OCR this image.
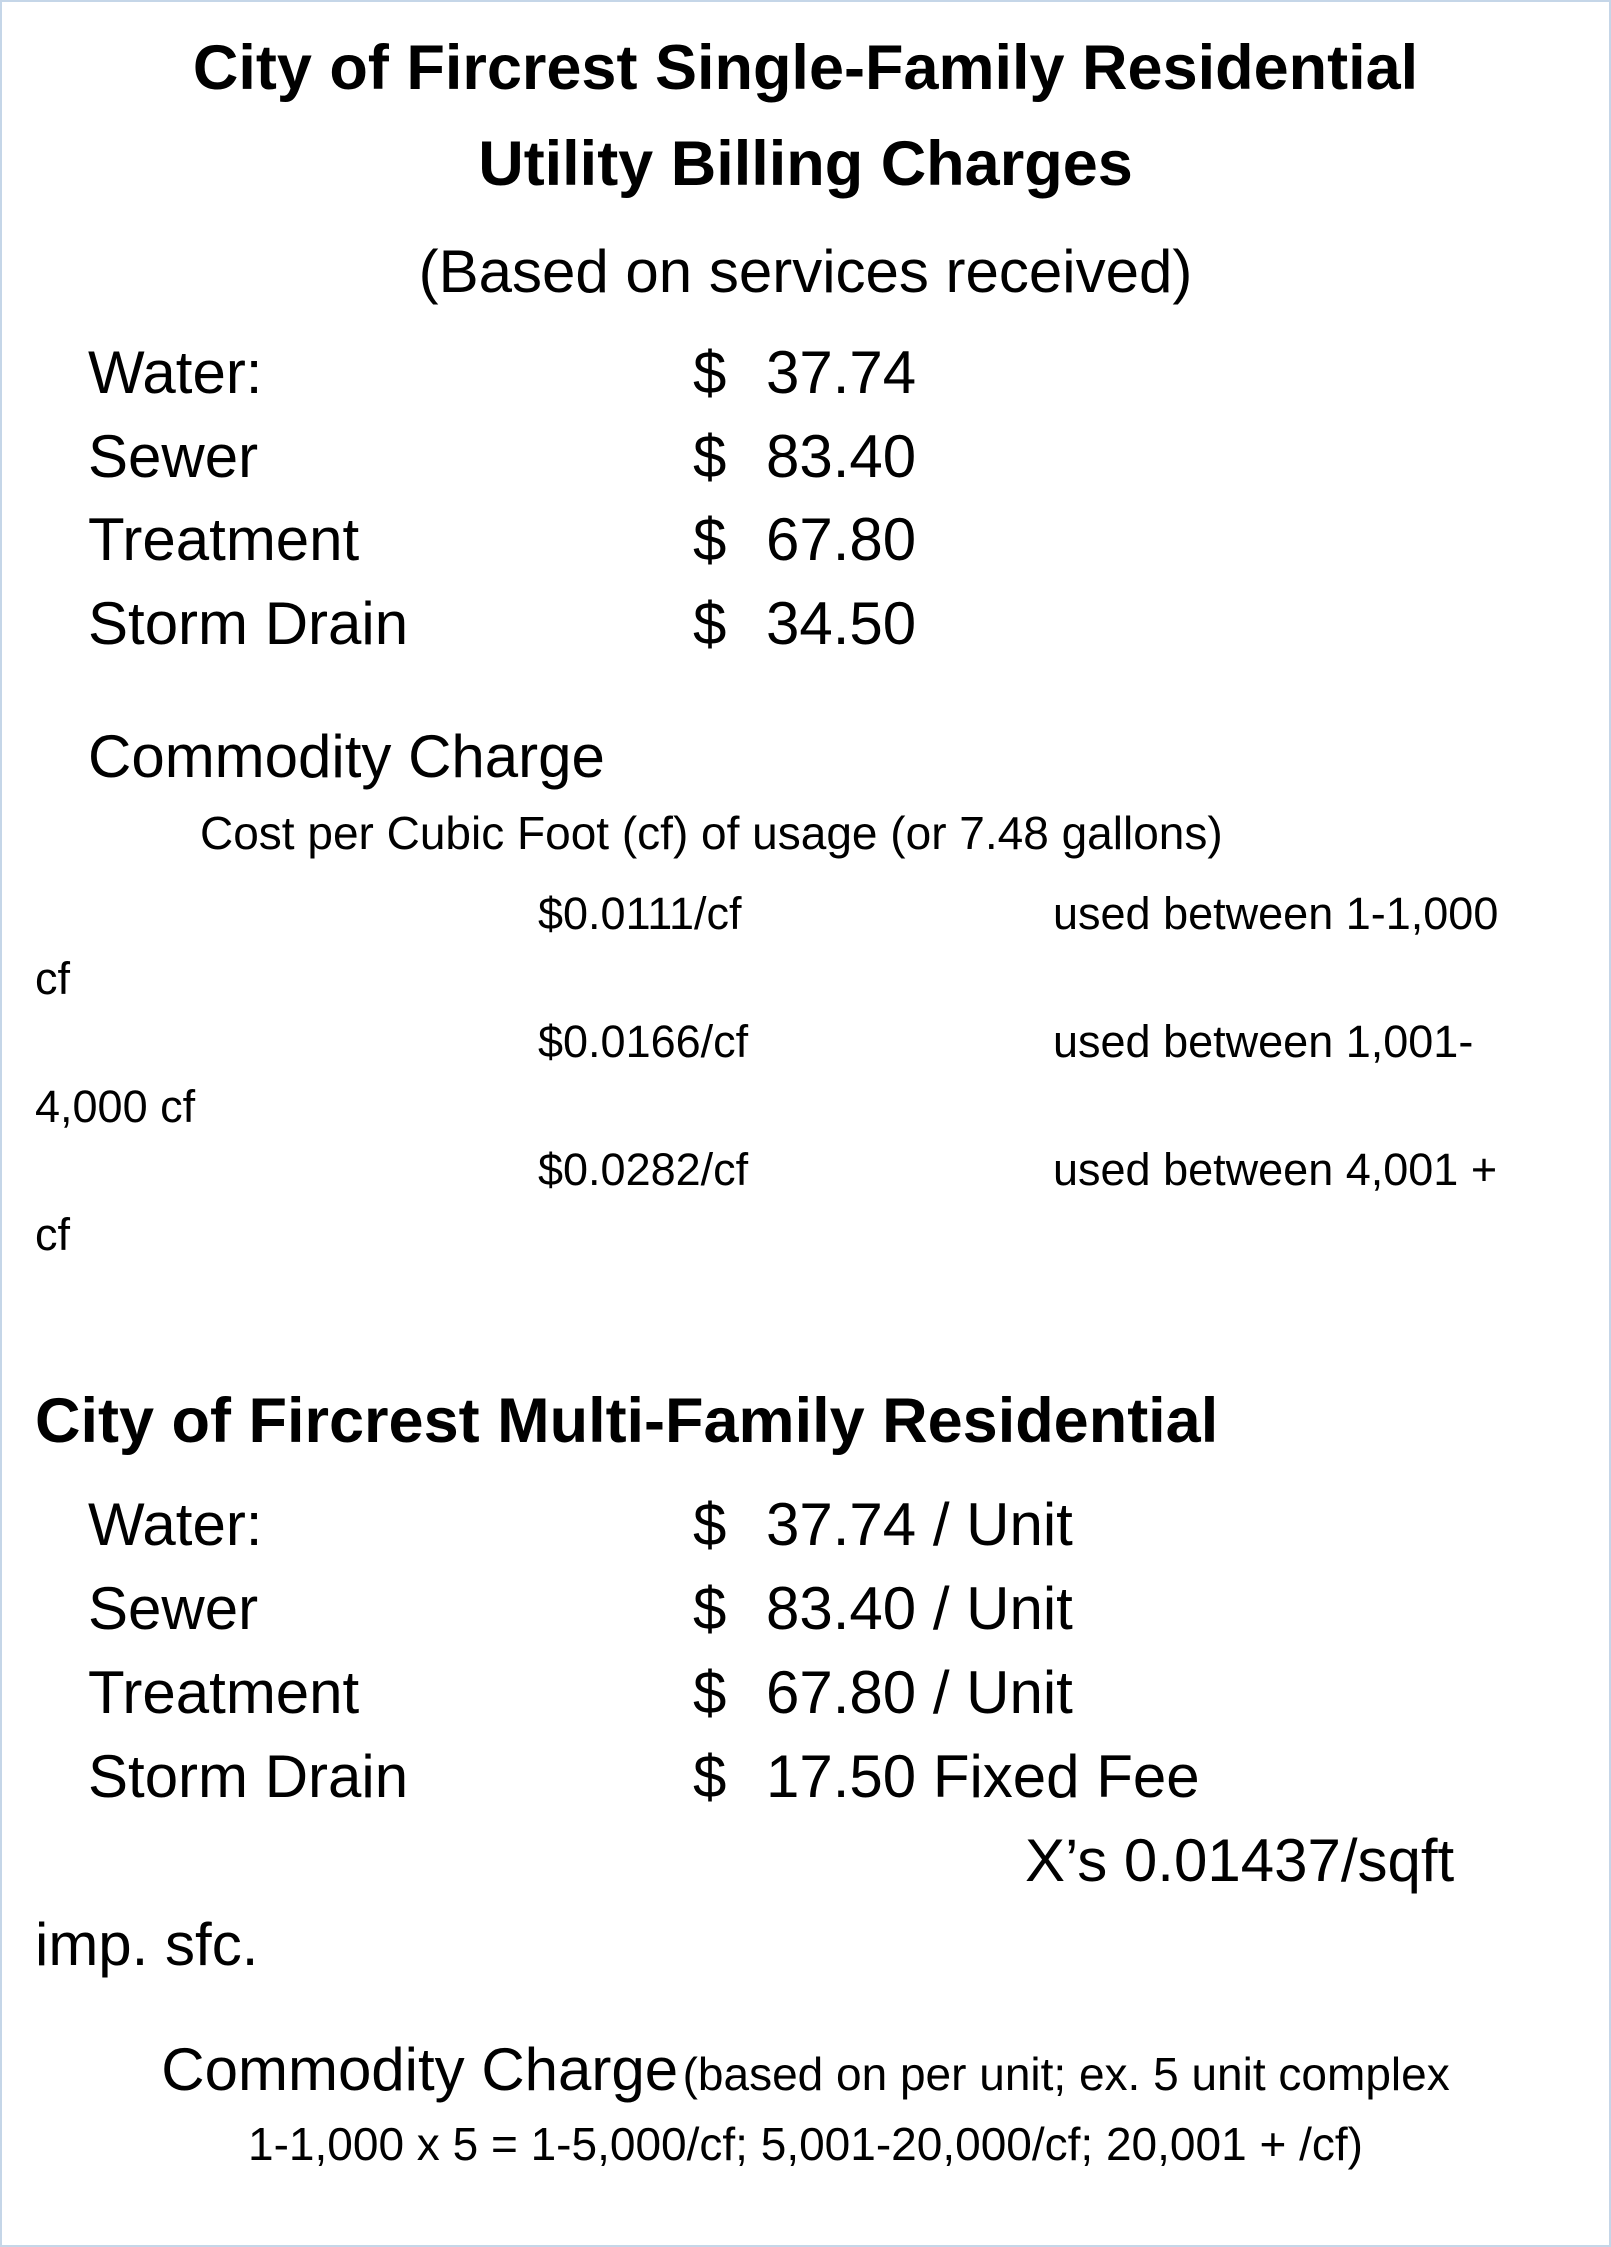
City of Fircrest Single-Family Residential
Utility Billing Charges
(Based on services received)
Water:	$ 37.74
Sewer	$ 83.40
Treatment	$ 67.80
Storm Drain	$ 34.50
Commodity Charge
Cost per Cubic Foot (cf) of usage (or 7.48 gallons)
$0.0111/cf	used between 1-1,000
cf
$0.0166/cf	used between 1,001-
4,000 cf
$0.0282/cf	used between 4,001 +
cf
City of Fircrest Multi-Family Residential
Water:	$ 37.74 / Unit
Sewer	$ 83.40 / Unit
Treatment	$ 67.80 / Unit
Storm Drain	$ 17.50 Fixed Fee
X’s 0.01437/sqft
imp. sfc.
Commodity Charge (based on per unit; ex. 5 unit complex
1-1,000 x 5 = 1-5,000/cf; 5,001-20,000/cf; 20,001 + /cf)
